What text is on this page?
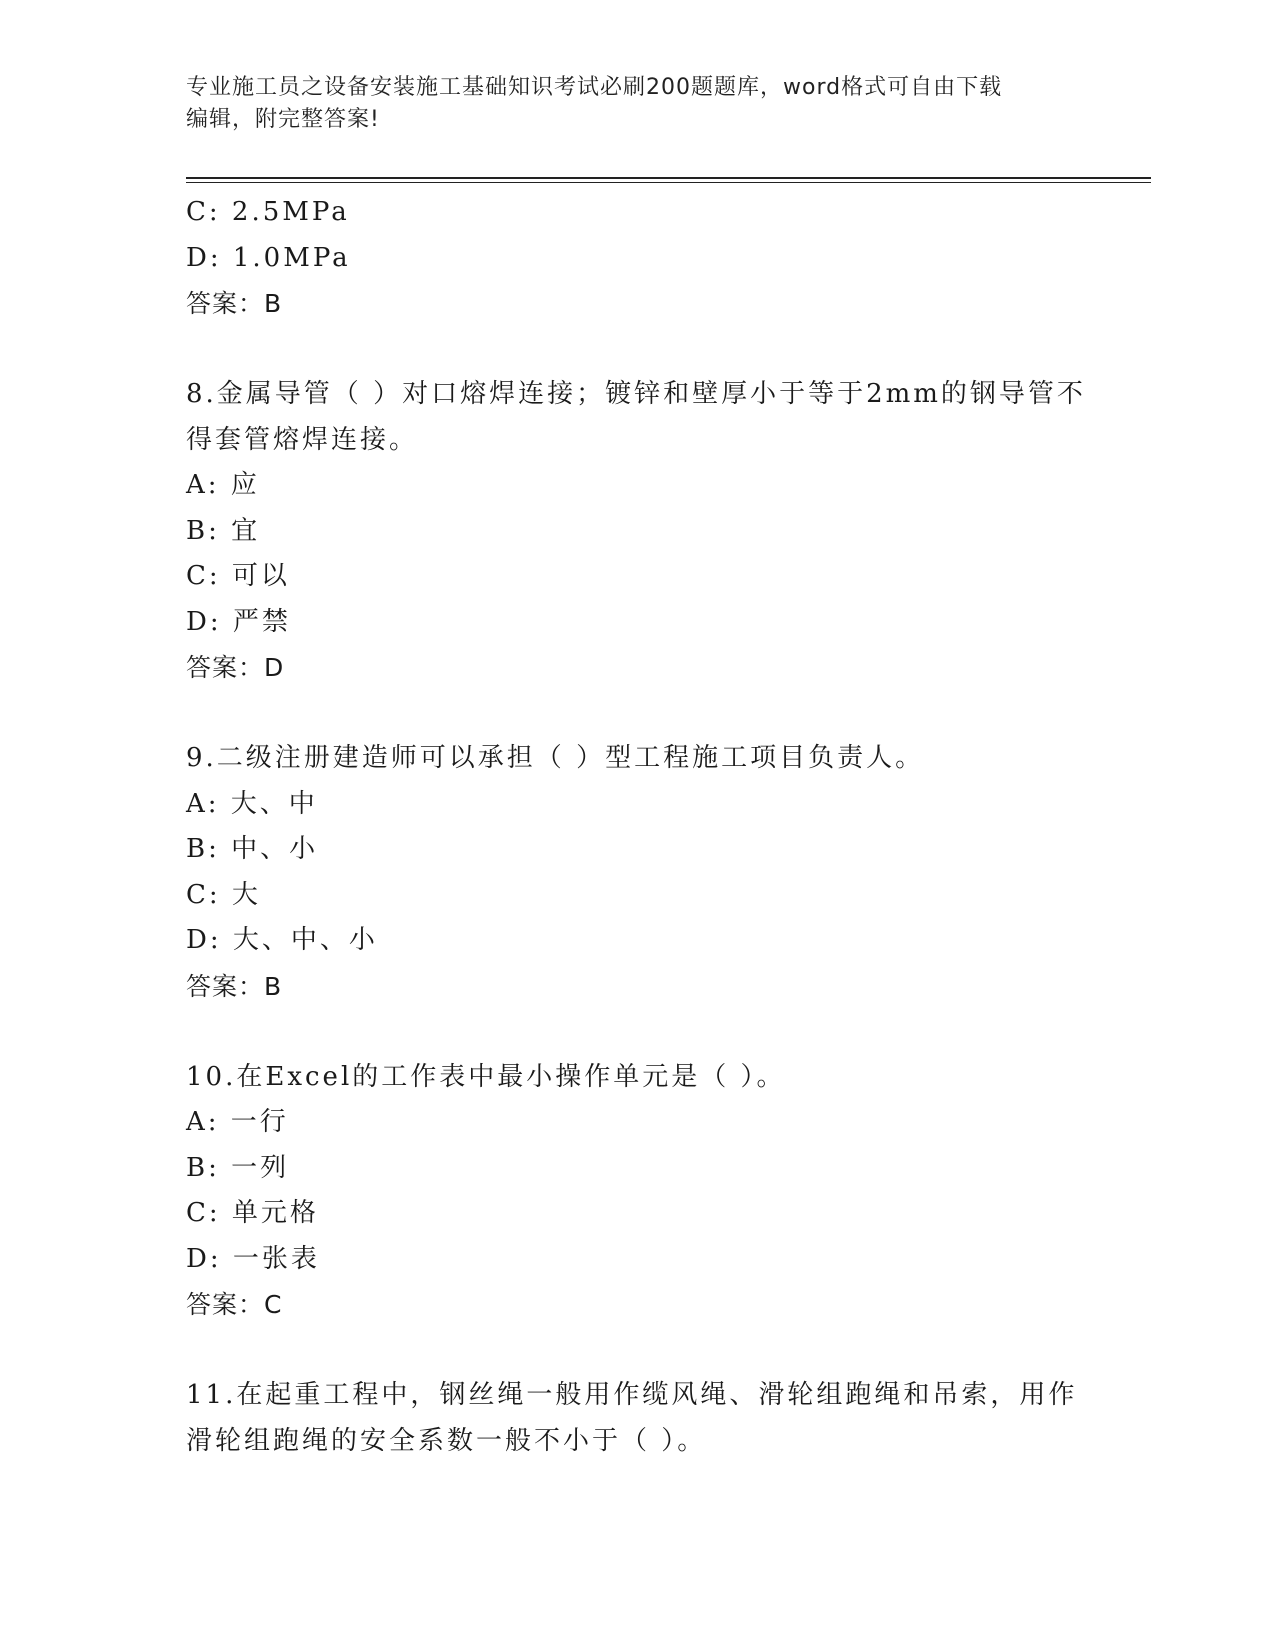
专业施工员之设备安装施工基础知识考试必刷200题题库，word格式可自由下载
编辑，附完整答案!
C: 2.5MPa
D: 1.0MPa
答案：B
8.金属导管（ ）对口熔焊连接；镀锌和壁厚小于等于2mm的钢导管不
得套管熔焊连接。
A: 应
B: 宜
C: 可以
D: 严禁
答案：D
9.二级注册建造师可以承担（ ）型工程施工项目负责人。
A: 大、中
B: 中、小
C: 大
D: 大、中、小
答案：B
10.在Excel的工作表中最小操作单元是（ ）。
A: 一行
B: 一列
C: 单元格
D: 一张表
答案：C
11.在起重工程中，钢丝绳一般用作缆风绳、滑轮组跑绳和吊索，用作
滑轮组跑绳的安全系数一般不小于（ ）。
